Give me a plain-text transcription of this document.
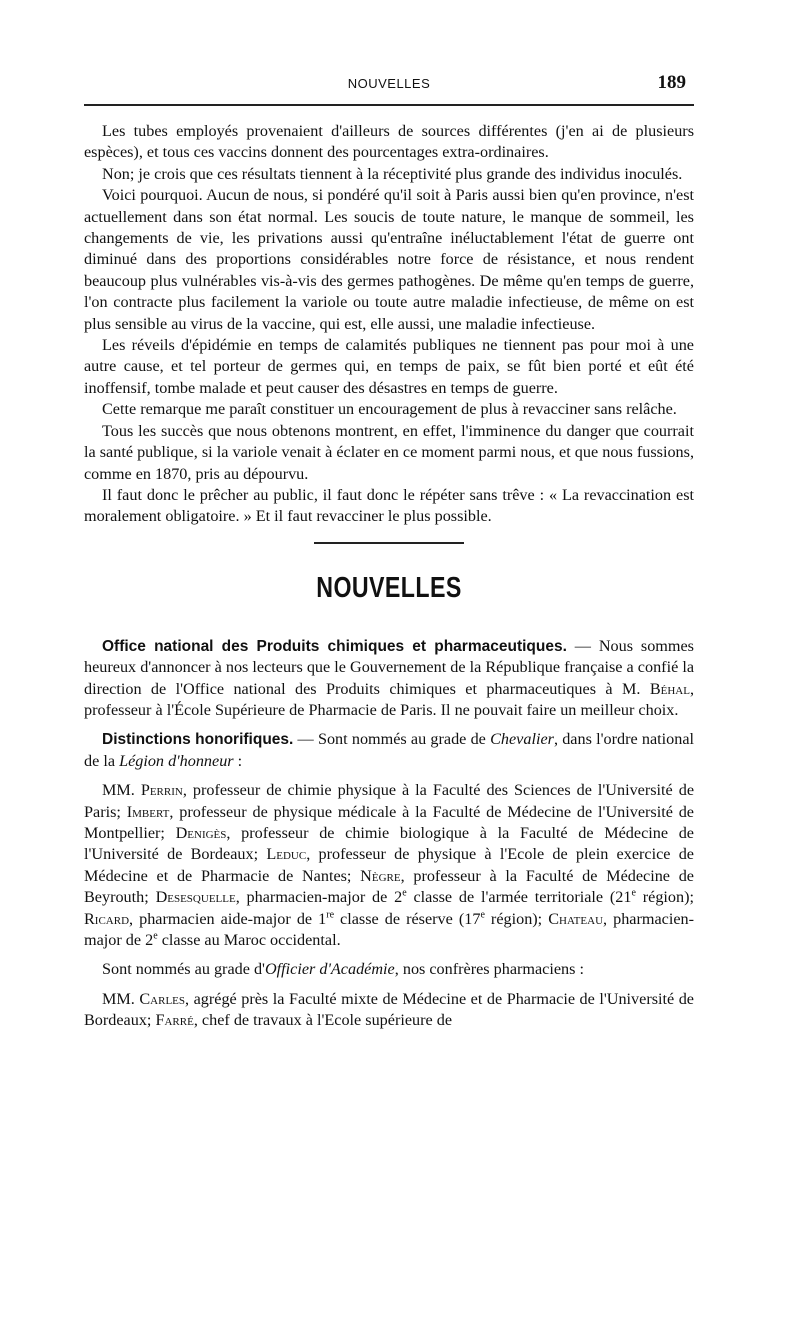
NOUVELLES	189

Les tubes employés provenaient d'ailleurs de sources différentes (j'en ai de plusieurs espèces), et tous ces vaccins donnent des pourcentages extra-ordinaires.

Non; je crois que ces résultats tiennent à la réceptivité plus grande des individus inoculés.

Voici pourquoi. Aucun de nous, si pondéré qu'il soit à Paris aussi bien qu'en province, n'est actuellement dans son état normal. Les soucis de toute nature, le manque de sommeil, les changements de vie, les privations aussi qu'entraîne inéluctablement l'état de guerre ont diminué dans des proportions considérables notre force de résistance, et nous rendent beaucoup plus vulnérables vis-à-vis des germes pathogènes. De même qu'en temps de guerre, l'on contracte plus facilement la variole ou toute autre maladie infectieuse, de même on est plus sensible au virus de la vaccine, qui est, elle aussi, une maladie infectieuse.

Les réveils d'épidémie en temps de calamités publiques ne tiennent pas pour moi à une autre cause, et tel porteur de germes qui, en temps de paix, se fût bien porté et eût été inoffensif, tombe malade et peut causer des désastres en temps de guerre.

Cette remarque me paraît constituer un encouragement de plus à revacciner sans relâche.

Tous les succès que nous obtenons montrent, en effet, l'imminence du danger que courrait la santé publique, si la variole venait à éclater en ce moment parmi nous, et que nous fussions, comme en 1870, pris au dépourvu.

Il faut donc le prêcher au public, il faut donc le répéter sans trêve : « La revaccination est moralement obligatoire. » Et il faut revacciner le plus possible.

NOUVELLES

Office national des Produits chimiques et pharmaceutiques. — Nous sommes heureux d'annoncer à nos lecteurs que le Gouvernement de la République française a confié la direction de l'Office national des Produits chimiques et pharmaceutiques à M. Béhal, professeur à l'École Supérieure de Pharmacie de Paris. Il ne pouvait faire un meilleur choix.

Distinctions honorifiques. — Sont nommés au grade de Chevalier, dans l'ordre national de la Légion d'honneur :

MM. Perrin, professeur de chimie physique à la Faculté des Sciences de l'Université de Paris; Imbert, professeur de physique médicale à la Faculté de Médecine de l'Université de Montpellier; Denigès, professeur de chimie biologique à la Faculté de Médecine de l'Université de Bordeaux; Leduc, professeur de physique à l'Ecole de plein exercice de Médecine et de Pharmacie de Nantes; Nègre, professeur à la Faculté de Médecine de Beyrouth; Desesquelle, pharmacien-major de 2e classe de l'armée territoriale (21e région); Ricard, pharmacien aide-major de 1re classe de réserve (17e région); Chateau, pharmacien-major de 2e classe au Maroc occidental.

Sont nommés au grade d'Officier d'Académie, nos confrères pharmaciens :

MM. Carles, agrégé près la Faculté mixte de Médecine et de Pharmacie de l'Université de Bordeaux; Farré, chef de travaux à l'Ecole supérieure de
